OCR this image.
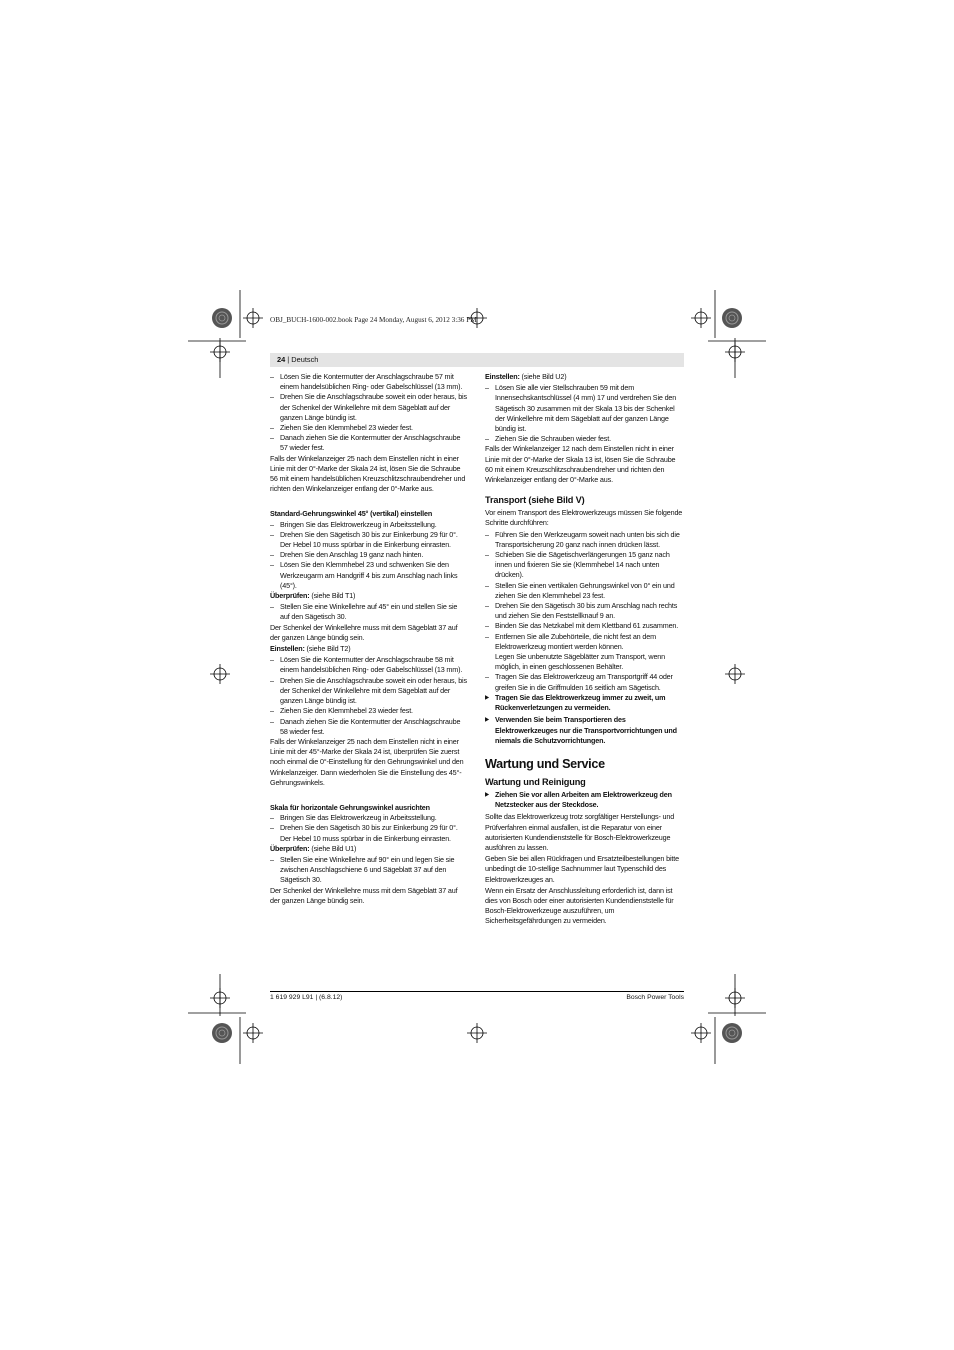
OBJ_BUCH-1600-002.book Page 24 Monday, August 6, 2012 3:36 PM
24 | Deutsch
– Lösen Sie die Kontermutter der Anschlagschraube 57 mit einem handelsüblichen Ring- oder Gabelschlüssel (13 mm).
– Drehen Sie die Anschlagschraube soweit ein oder heraus, bis der Schenkel der Winkellehre mit dem Sägeblatt auf der ganzen Länge bündig ist.
– Ziehen Sie den Klemmhebel 23 wieder fest.
– Danach ziehen Sie die Kontermutter der Anschlagschraube 57 wieder fest.

Falls der Winkelanzeiger 25 nach dem Einstellen nicht in einer Linie mit der 0°-Marke der Skala 24 ist, lösen Sie die Schraube 56 mit einem handelsüblichen Kreuzschlitzschraubendreher und richten den Winkelanzeiger entlang der 0°-Marke aus.

Standard-Gehrungswinkel 45° (vertikal) einstellen

– Bringen Sie das Elektrowerkzeug in Arbeitsstellung.
– Drehen Sie den Sägetisch 30 bis zur Einkerbung 29 für 0°. Der Hebel 10 muss spürbar in die Einkerbung einrasten.
– Drehen Sie den Anschlag 19 ganz nach hinten.
– Lösen Sie den Klemmhebel 23 und schwenken Sie den Werkzeugarm am Handgriff 4 bis zum Anschlag nach links (45°).

Überprüfen: (siehe Bild T1)

– Stellen Sie eine Winkellehre auf 45° ein und stellen Sie sie auf den Sägetisch 30.

Der Schenkel der Winkellehre muss mit dem Sägeblatt 37 auf der ganzen Länge bündig sein.

Einstellen: (siehe Bild T2)

– Lösen Sie die Kontermutter der Anschlagschraube 58 mit einem handelsüblichen Ring- oder Gabelschlüssel (13 mm).
– Drehen Sie die Anschlagschraube soweit ein oder heraus, bis der Schenkel der Winkellehre mit dem Sägeblatt auf der ganzen Länge bündig ist.
– Ziehen Sie den Klemmhebel 23 wieder fest.
– Danach ziehen Sie die Kontermutter der Anschlagschraube 58 wieder fest.

Falls der Winkelanzeiger 25 nach dem Einstellen nicht in einer Linie mit der 45°-Marke der Skala 24 ist, überprüfen Sie zuerst noch einmal die 0°-Einstellung für den Gehrungswinkel und den Winkelanzeiger. Dann wiederholen Sie die Einstellung des 45°-Gehrungswinkels.

Skala für horizontale Gehrungswinkel ausrichten

– Bringen Sie das Elektrowerkzeug in Arbeitsstellung.
– Drehen Sie den Sägetisch 30 bis zur Einkerbung 29 für 0°. Der Hebel 10 muss spürbar in die Einkerbung einrasten.

Überprüfen: (siehe Bild U1)

– Stellen Sie eine Winkellehre auf 90° ein und legen Sie sie zwischen Anschlagschiene 6 und Sägeblatt 37 auf den Sägetisch 30.

Der Schenkel der Winkellehre muss mit dem Sägeblatt 37 auf der ganzen Länge bündig sein.

Einstellen: (siehe Bild U2)

– Lösen Sie alle vier Stellschrauben 59 mit dem Innensechskantschlüssel (4 mm) 17 und verdrehen Sie den Sägetisch 30 zusammen mit der Skala 13 bis der Schenkel der Winkellehre mit dem Sägeblatt auf der ganzen Länge bündig ist.
– Ziehen Sie die Schrauben wieder fest.

Falls der Winkelanzeiger 12 nach dem Einstellen nicht in einer Linie mit der 0°-Marke der Skala 13 ist, lösen Sie die Schraube 60 mit einem Kreuzschlitzschraubendreher und richten den Winkelanzeiger entlang der 0°-Marke aus.

Transport (siehe Bild V)

Vor einem Transport des Elektrowerkzeugs müssen Sie folgende Schritte durchführen:

– Führen Sie den Werkzeugarm soweit nach unten bis sich die Transportsicherung 20 ganz nach innen drücken lässt.
– Schieben Sie die Sägetischverlängerungen 15 ganz nach innen und fixieren Sie sie (Klemmhebel 14 nach unten drücken).
– Stellen Sie einen vertikalen Gehrungswinkel von 0° ein und ziehen Sie den Klemmhebel 23 fest.
– Drehen Sie den Sägetisch 30 bis zum Anschlag nach rechts und ziehen Sie den Feststellknauf 9 an.
– Binden Sie das Netzkabel mit dem Klettband 61 zusammen.
– Entfernen Sie alle Zubehörteile, die nicht fest an dem Elektrowerkzeug montiert werden können.
Legen Sie unbenutzte Sägeblätter zum Transport, wenn möglich, in einen geschlossenen Behälter.
– Tragen Sie das Elektrowerkzeug am Transportgriff 44 oder greifen Sie in die Griffmulden 16 seitlich am Sägetisch.
▶ Tragen Sie das Elektrowerkzeug immer zu zweit, um Rückenverletzungen zu vermeiden.
▶ Verwenden Sie beim Transportieren des Elektrowerkzeuges nur die Transportvorrichtungen und niemals die Schutzvorrichtungen.

Wartung und Service

Wartung und Reinigung

▶ Ziehen Sie vor allen Arbeiten am Elektrowerkzeug den Netzstecker aus der Steckdose.

Sollte das Elektrowerkzeug trotz sorgfältiger Herstellungs- und Prüfverfahren einmal ausfallen, ist die Reparatur von einer autorisierten Kundendienststelle für Bosch-Elektrowerkzeuge ausführen zu lassen.

Geben Sie bei allen Rückfragen und Ersatzteilbestellungen bitte unbedingt die 10-stellige Sachnummer laut Typenschild des Elektrowerkzeuges an.

Wenn ein Ersatz der Anschlussleitung erforderlich ist, dann ist dies von Bosch oder einer autorisierten Kundendienststelle für Bosch-Elektrowerkzeuge auszuführen, um Sicherheitsgefährdungen zu vermeiden.

1 619 929 L91 | (6.8.12)	Bosch Power Tools
